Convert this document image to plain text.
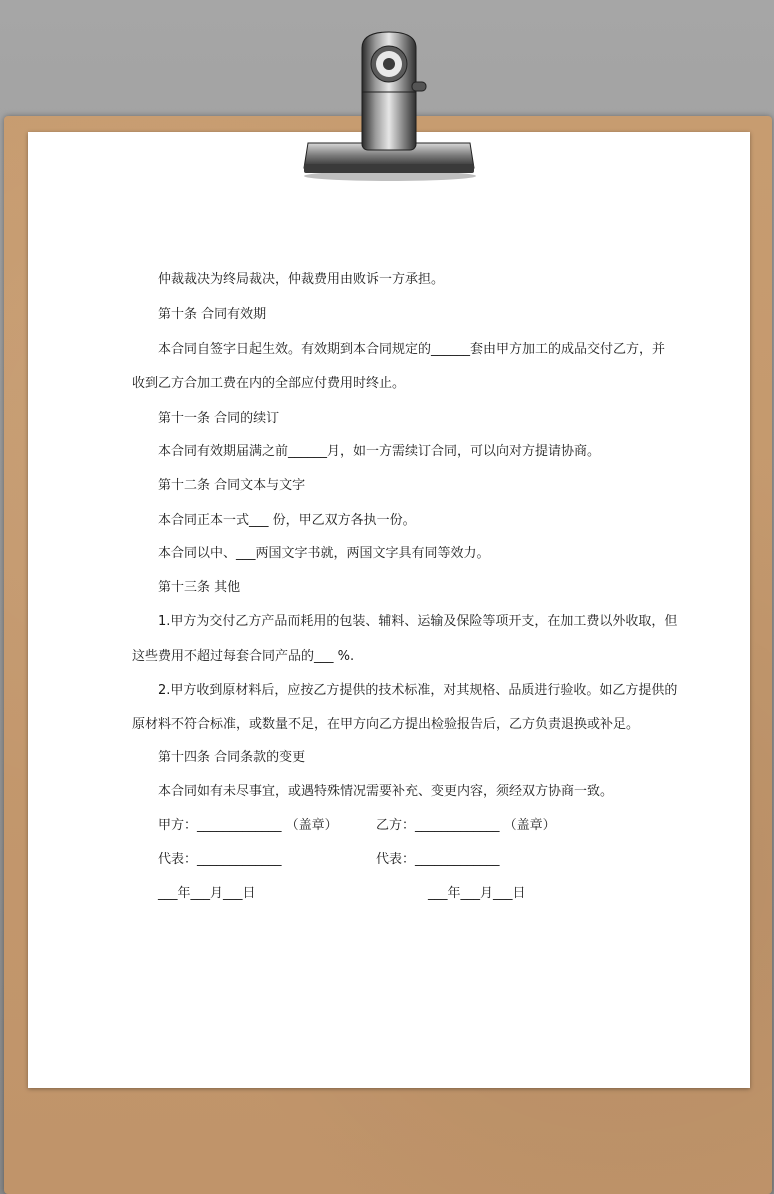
仲裁裁决为终局裁决，仲裁费用由败诉一方承担。
第十条 合同有效期
本合同自签字日起生效。有效期到本合同规定的______套由甲方加工的成品交付乙方，并
收到乙方合加工费在内的全部应付费用时终止。
第十一条 合同的续订
本合同有效期届满之前______月，如一方需续订合同，可以向对方提请协商。
第十二条 合同文本与文字
本合同正本一式___ 份，甲乙双方各执一份。
本合同以中、___两国文字书就，两国文字具有同等效力。
第十三条 其他
1.甲方为交付乙方产品而耗用的包装、辅料、运输及保险等项开支，在加工费以外收取，但
这些费用不超过每套合同产品的___ %.
2.甲方收到原材料后，应按乙方提供的技术标准，对其规格、品质进行验收。如乙方提供的
原材料不符合标准，或数量不足，在甲方向乙方提出检验报告后，乙方负责退换或补足。
第十四条 合同条款的变更
本合同如有未尽事宜，或遇特殊情况需要补充、变更内容，须经双方协商一致。
甲方：_____________ （盖章）	乙方：_____________ （盖章）
代表：_____________	代表：_____________
___年___月___日	___年___月___日
